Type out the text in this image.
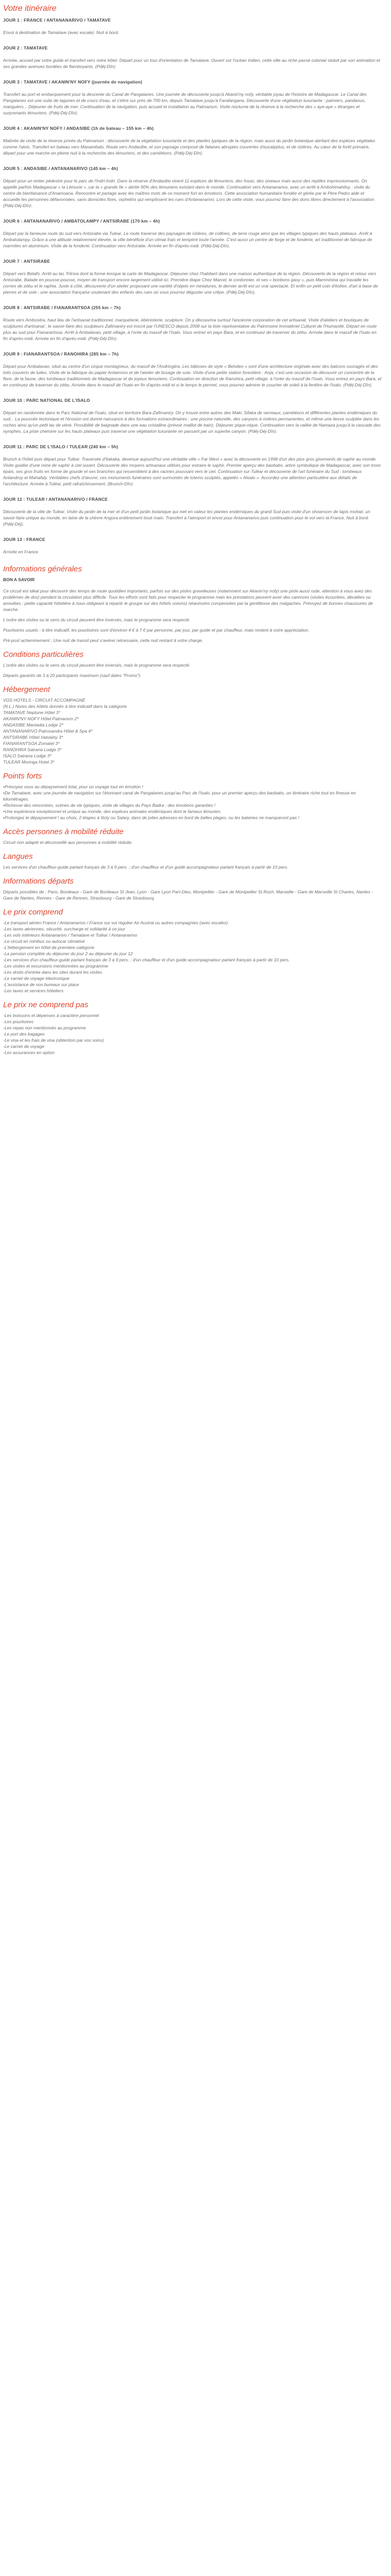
Votre itinéraire
JOUR 1 : FRANCE / ANTANANARIVO / TAMATAVE

Envol à destination de Tamatave (avec escale). Nuit à bord.

JOUR 2 : TAMATAVE

Arrivée, accueil par votre guide et transfert vers votre hôtel. Départ pour un tour d'orientation de Tamatave. Ouvert sur l'océan Indien, cette ville au riche passé colonial séduit par son animation et ses grandes avenues bordées de flamboyants. (Pdéj-Dîn).

JOUR 3 : TAMATAVE / AKANIN'NY NOFY (journée de navigation)

Transfert au port et embarquement pour la descente du Canal de Pangalanes. Une journée de découverte jusqu'à Akanin'ny nofy, véritable joyau de l'histoire de Madagascar. Le Canal des Pangalanes est une suite de lagunes et de cours d'eau, et s'étire sur près de 700 km, depuis Tamatave jusqu'à Farafangana. Découverte d'une végétation luxuriante : palmiers, pandanus, manguiers... Déjeuner de fruits de mer. Continuation de la navigation, puis accueil et installation au Palmarium. Visite nocturne de la réserve à la recherche des « aye-aye » étranges et surprenants lémuriens. (Pdéj-Déj-Dîn).

JOUR 4 : AKANIN'NY NOFY / ANDASIBE (1h de bateau – 155 km – 4h)

Matinée de visite de la réserve privée du Palmarium : découverte de la végétation luxuriante et des plantes typiques de la région, mais aussi du jardin botanique abritant des espèces végétales comme l'alois. Transfert en bateau vers Manambato. Route vers Andasibe, et son paysage composé de falaises abruptes couvertes d'eucalyptus, et de rizières. Au cœur de la forêt primaire, départ pour une marche en pleine nuit à la recherche des lémuriens, et des caméléons. (Pdéj-Déj-Dîn).

JOUR 5 : ANDASIBE / ANTANANARIVO (145 km – 4h)

Départ pour un entier pédestre pour le parc de l'Indri-Indri. Dans la réserve d'Andasibe vivent 11 espèces de lémuriens, des fosas, des oiseaux mais aussi des reptiles impressionnants. On appelle parfois Madagascar « la Lémurie », car la « grande île » abrite 90% des lémuriens existant dans le monde. Continuation vers Antananarivo, avec un arrêt à Ambohimahitsy : visite du centre de bienfaisance d'Anamoana. Rencontre et partage avec les maîtres mots de ce moment fort en émotions. Cette association humanitaire fondée et gérée par le Père Pedro aide et accueille les personnes défavorisées, sans domiciles fixes, orphelins qui remplissent les rues d'Antananarivo. Lors de cette visite, vous pourrez faire des dons libres directement à l'association. (Pdéj-Déj-Dîn).

JOUR 6 : ANTANANARIVO / AMBATOLAMPY / ANTSIRABE (170 km – 4h)

Départ par la fameuse route du sud vers Antsirabe via Tulear. Le route traverse des paysages de rizières, de collines, de terre rouge ainsi que les villages typiques des hauts plateaux. Arrêt à Ambatolampy. Grâce à une altitude relativement élevée, la ville bénéficie d'un climat frais et tempéré toute l'année. C'est aussi un centre de forge et de fonderie, art traditionnel de fabrique de marmites en aluminium. Visite de la fonderie. Continuation vers Antsirabe. Arrivée en fin d'après-midi. (Pdéj-Déj-Dîn).

JOUR 7 : ANTSIRABE

Départ vers Betafo. Arrêt au lac Tritriva dont la forme évoque la carte de Madagascar. Déjeuner chez l'habitant dans une maison authentique de la région. Découverte de la région et retour vers Antsirabe. Balade en pousse-pousse, moyen de transport encore largement utilisé ici. Première étape Chez Marcel, le cordonnier, et ses « bonbons gasy », puis Mamminina qui travaille les cornes de zébu et le raphia. Juste à côté, découverte d'un atelier proposant une variété d'objets en miniatures, le dernier arrêt est un vrai spectacle. Et enfin un petit coin d'éolien, d'art à base de pierres et de soie ; une association française soutenant des enfants des rues où vous pourrez déguster une crêpe. (Pdéj-Déj-Dîn).

JOUR 8 : ANTSIRABE / FIANARANTSOA (255 km – 7h)

Route vers Ambositra, haut lieu de l'artisanat traditionnel, marqueterie, ébénisterie, sculpture. On y découvrira surtout l'ancienne corporation de cet artisanat. Visite d'ateliers et boutiques de sculptures d'artisanat ; le savoir-faire des sculpteurs Zafimaniry est inscrit par l'UNESCO depuis 2008 sur la liste représentative du Patrimoine Immatériel Culturel de l'Humanité. Départ en route plus au sud pour Fianarantsoa. Arrêt à Ambalavao, petit village, à l'orée du massif de l'Isalo. Vous entrez en pays Bara, et en continuez de traverser du zébu. Arrivée dans le massif de l'Isalo en fin d'après-midi. Arrivée en fin d'après-midi. (Pdéj-Déj-Dîn).

JOUR 9 : FIANARANTSOA / RANOHIRA (285 km – 7h)

Départ pour Ambalavao, situé au centre d'un cirque montagneux, du massif de l'Andringitra. Les bâtisses de style « Betsileo » sont d'une architecture originale avec des balcons ouvragés et des toits couverts de tuiles. Visite de la fabrique du papier Antaimoro et de l'atelier de tissage de soie. Visite d'une petite station forestière : Anja, c'est une occasion de découvrir un concentré de la flore, de la faune, des tombeaux traditionnels de Madagascar et de joyeux lémuriens. Continuation en direction de Ranohira, petit village, à l'orée du massif de l'Isalo. Vous entrez en pays Bara, et en continuez de traverser du zébu. Arrivée dans le massif de l'Isalo en fin d'après-midi et si le temps le permet, vous pourrez admirer le coucher de soleil à la fenêtre de l'Isalo. (Pdéj-Déj-Dîn).

JOUR 10 : PARC NATIONAL DE L'ISALO

Départ en randonnée dans le Parc National de l'Isalo, situé en territoire Bara-Zafimaniry. On y trouve entre autres des Maki, Sifaka de verreaux, caméléons et différentes plantes endémiques du sud... La poussée tectonique et l'érosion ont donné naissance à des formations extraordinaires : une piscine naturelle, des canyons à rivières permanentes, et même une liesse sculptée dans les roches ainsi qu'un petit lac de véné. Possibilité de baignade dans une eau cristalline (prévoir maillot de bain). Déjeuner pique-nique. Continuation vers la vallée de Namaza jusqu'à la cascade des nymphes. La piste chemine sur les hauts plateaux puis traverse une végétation luxuriante en passant par un superbe canyon. (Pdéj-Déj-Dîn).

JOUR 11 : PARC DE L'ISALO / TULEAR (240 km – 5h)

Brunch à l'hôtel puis départ pour Tuléar. Traversée d'Ilakaka, devenue aujourd'hui une véritable ville « Far West » avec la découverte en 1998 d'un des plus gros gisements de saphir au monde. Visite guidée d'une mine de saphir à ciel ouvert. Découverte des moyens artisanaux utilisés pour extraire le saphir. Premier aperçu des baobabs, arbre symbolique de Madagascar, avec son tronc épais, ses gros fruits en forme de gourde et ses branches qui ressemblent à des racines poussant vers le ciel. Continuation sur Tuléar et découverte de l'art funéraire du Sud : tombeaux Antandroy et Mahafaly. Véritables chefs d'œuvre, ces monuments funéraires sont surmontés de totems sculptés, appelés « Aloalo ». Accordez une attention particulière aux détails de l'architecture. Arrivée à Tuléar, petit rafraîchissement. (Brunch-Dîn).

JOUR 12 : TULEAR / ANTANANARIVO / FRANCE

Découverte de la ville de Tuléar. Visite du jardin de la mer et d'un petit jardin botanique qui met en valeur les plantes endémiques du grand Sud puis visite d'un showroom de tapis mohair, un savoir-faire unique au monde, en laine de la chèvre Angora entièrement tissé main. Transfert à l'aéroport et envol pour Antananarivo puis continuation pour le vol vers la France. Nuit à bord. (Pdéj-Déj).

JOUR 13 : FRANCE

Arrivée en France.

Informations générales
BON A SAVOIR

Ce circuit est idéal pour découvrir des temps de route quotidien importants, parfois sur des pistes graveleuses (notamment sur Akanin'ny nofy) une piste aussi rude, attention à vous avez des problèmes de dos) pendant la circulation plus difficile. Tous les efforts sont faits pour respecter le programme mais les prestations peuvent avoir des carences (visites écourtées, décalées ou annulées ; petite capacité hôtelière à nous obligeant à répartir le groupe sur des hôtels voisins) néanmoins compensées par la gentillesse des malgaches. Prévoyez de bonnes chaussures de marche.

L'ordre des visites ou le sens du circuit peuvent être inversés, mais le programme sera respecté.

Pourboires usuels : à titre indicatif, les pourboires sont d'environ 4 € à 7 € par personne, par jour, par guide et par chauffeur, mais restent à votre appréciation.

Pré-post acheminement : Une nuit de transit peut s'avérer nécessaire, cette nuit restant à votre charge.

Conditions particulières

L'ordre des visites ou le sens du circuit peuvent être inversés, mais le programme sera respecté.

Départs garantis de 3 à 20 participants maximum (sauf dates "Promo").

Hébergement
VOS HOTELS - CIRCUIT ACCOMPAGNÉ
(N.L.) Nores des hôtels donnés à titre indicatif dans la catégorie
TAMATAVE Neptune Hôtel 3*
AKANIN'NY NOFY Hôtel Palmarium 2*
ANDASIBE Mantadia Lodge 2*
ANTANANARIVO Patrosandra Hôtel & Spa 4*
ANTSIRABE Hôtel Vatolahy 3*
FIANARANTSOA Zomatel 3*
RANOHIRA Satrana Lodge 3*
ISALO Satrana Lodge 3*
TULEAR Moringa Hotel 3*
Points forts
• Prévoyez vous au dépaysement total, pour un voyage tout en émotion !
• De Tamatave, avec une journée de navigation sur l'étonnant canal de Pangalanes jusqu'au Parc de l'Isalo, pour un premier aperçu des baobabs, un itinéraire riche tout en finesse en kilométrages.
• Richesse des rencontres, scènes de vie typiques, visite de villages du Pays Badra ; des émotions garanties !
• Une expérience exceptionnel et unique au monde, des espèces animales endémiques dont le fameux lémurien.
• Prolongez le dépaysement ! au choix, 2 étapes à Ilisty ou Salary, dans de jolies adresses en bord de belles plages, ou les baleines ne manqueront pas !
Accès personnes à mobilité réduite

Circuit non adapté et déconseillé aux personnes à mobilité réduite.

Langues

Les services d'un chauffeur-guide parlant français de 3 à 9 pers. ; d'un chauffeur et d'un guide accompagnateur parlant français à partir de 10 pers.

Informations départs

Départs possibles de : Paris, Bordeaux - Gare de Bordeaux St Jean, Lyon - Gare Lyon Part-Dieu, Montpellier - Gare de Montpellier St Roch, Marseille - Gare de Marseille St Charles, Nantes - Gare de Nantes, Rennes - Gare de Rennes, Strasbourg - Gare de Strasbourg

Le prix comprend
-Le transport aérien France / Antananarivo / France sur vol régulier Air Austral ou autres compagnies (avec escales)
-Les taxes aériennes, sécurité, surcharge et solidarité à ce jour
-Les vols intérieurs Antananarivo / Tamatave et Tuléar / Antananarivo
-Le circuit en minibus ou autocar climatisé
-L'hébergement en hôtel de première catégorie
-La pension complète du déjeuner du jour 2 au déjeuner du jour 12
-Les services d'un chauffeur-guide parlant français de 3 à 9 pers. ; d'un chauffeur et d'un guide accompagnateur parlant français à partir de 10 pers.
-Les visites et excursions mentionnées au programme
-Les droits d'entrée dans les sites durant les visites
-Le carnet de voyage électronique
-L'assistance de nos bureaux sur place
-Les taxes et services hôteliers.
Le prix ne comprend pas
-Les boissons et dépenses à caractère personnel
-Les pourboires
-Les repas non mentionnés au programme
-Le port des bagages
-Le visa et les frais de visa (obtention par vos soins)
-Le carnet de voyage
-Les assurances en option
